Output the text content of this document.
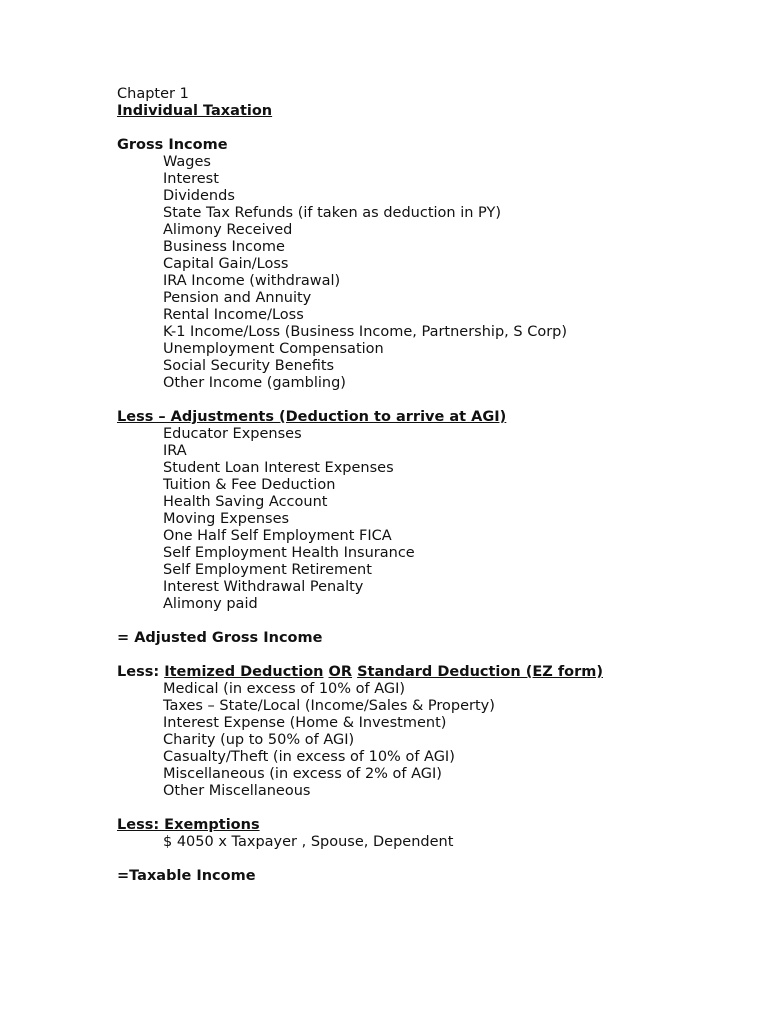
Chapter 1
Individual Taxation
Gross Income
Wages
Interest
Dividends
State Tax Refunds (if taken as deduction in PY)
Alimony Received
Business Income
Capital Gain/Loss
IRA Income (withdrawal)
Pension and Annuity
Rental Income/Loss
K-1 Income/Loss (Business Income, Partnership, S Corp)
Unemployment Compensation
Social Security Benefits
Other Income (gambling)
Less – Adjustments (Deduction to arrive at AGI)
Educator Expenses
IRA
Student Loan Interest Expenses
Tuition & Fee Deduction
Health Saving Account
Moving Expenses
One Half Self Employment FICA
Self Employment Health Insurance
Self Employment Retirement
Interest Withdrawal Penalty
Alimony paid
= Adjusted Gross Income
Less: Itemized Deduction OR Standard Deduction (EZ form)
Medical (in excess of 10% of AGI)
Taxes – State/Local (Income/Sales & Property)
Interest Expense (Home & Investment)
Charity (up to 50% of AGI)
Casualty/Theft (in excess of 10% of AGI)
Miscellaneous (in excess of 2% of AGI)
Other Miscellaneous
Less: Exemptions
$ 4050 x Taxpayer , Spouse, Dependent
=Taxable Income
